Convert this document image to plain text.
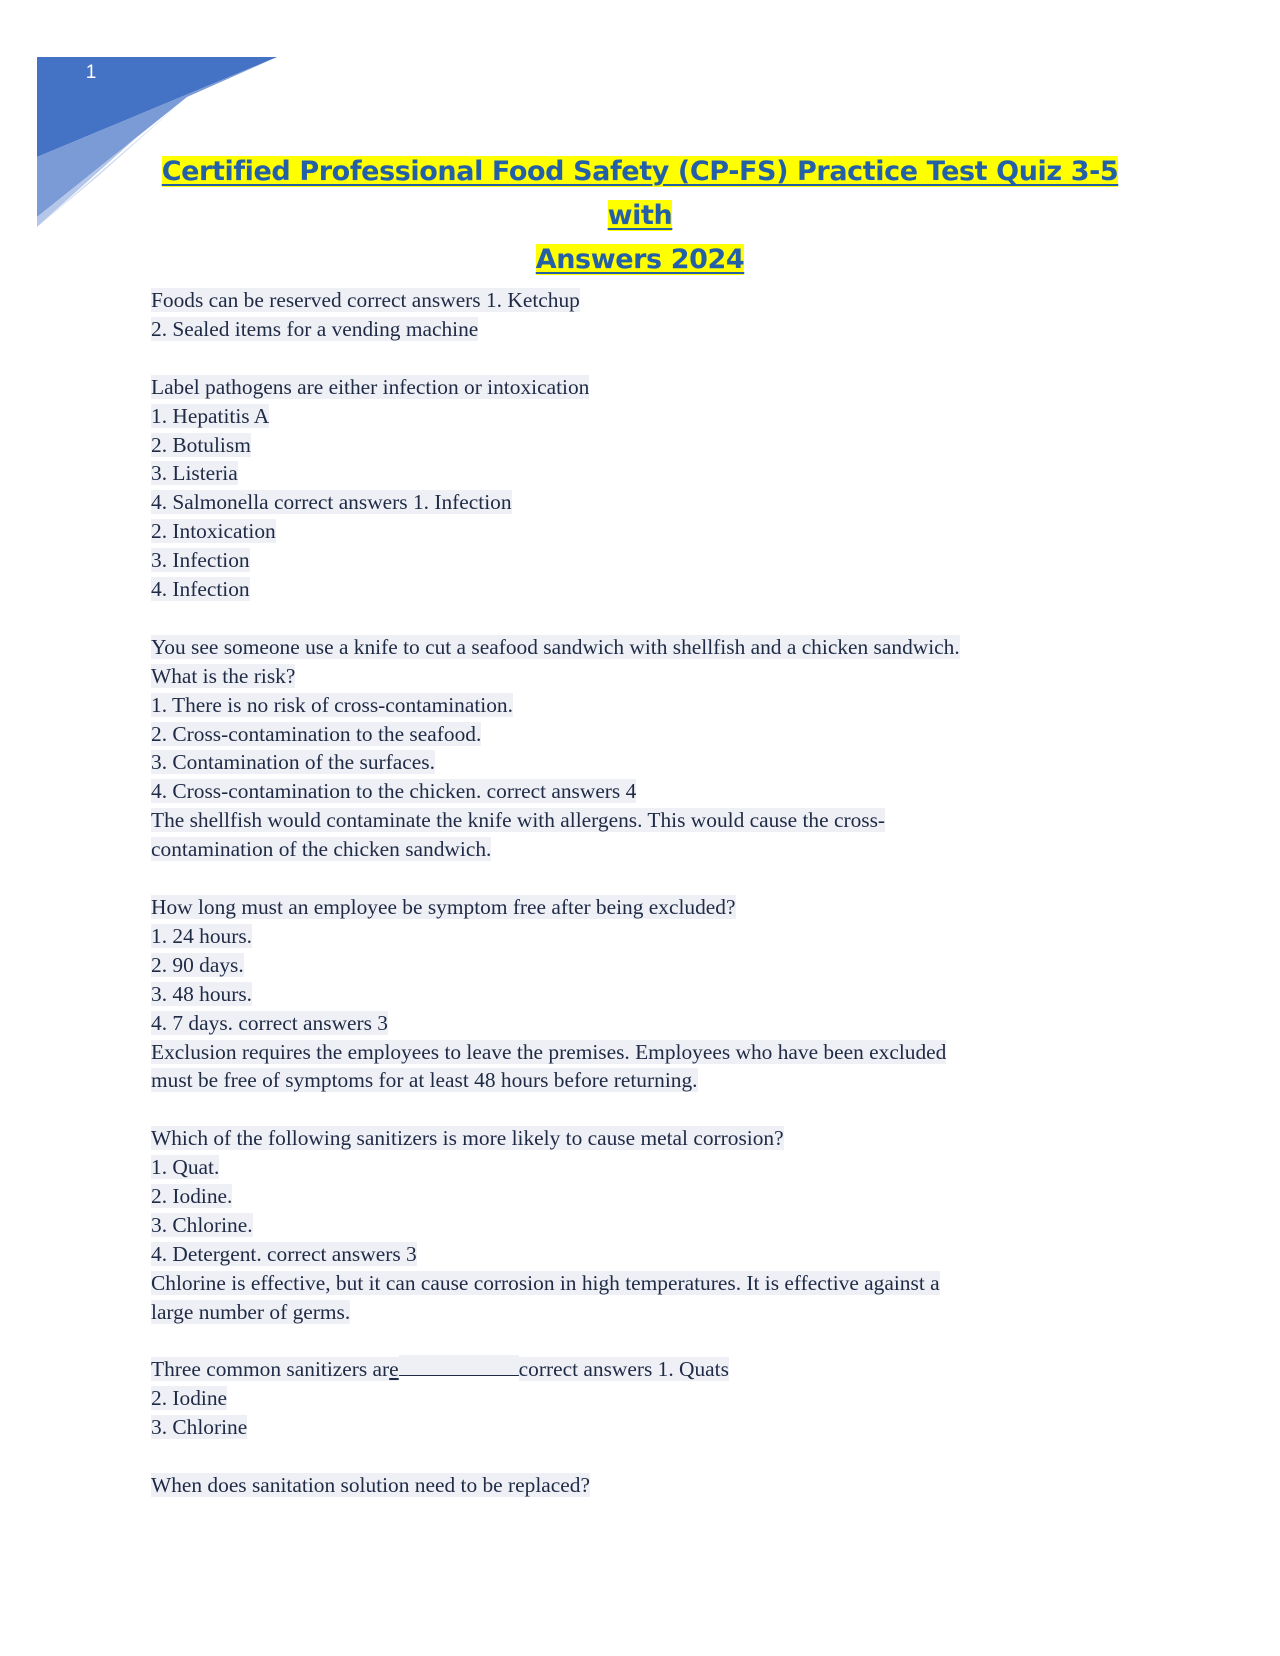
1
Certified Professional Food Safety (CP-FS) Practice Test Quiz 3-5 with
Answers 2024
Foods can be reserved correct answers 1. Ketchup
2. Sealed items for a vending machine
Label pathogens are either infection or intoxication
1. Hepatitis A
2. Botulism
3. Listeria
4. Salmonella correct answers 1. Infection
2. Intoxication
3. Infection
4. Infection
You see someone use a knife to cut a seafood sandwich with shellfish and a chicken sandwich.
What is the risk?
1. There is no risk of cross-contamination.
2. Cross-contamination to the seafood.
3. Contamination of the surfaces.
4. Cross-contamination to the chicken. correct answers 4
The shellfish would contaminate the knife with allergens. This would cause the cross-
contamination of the chicken sandwich.
How long must an employee be symptom free after being excluded?
1. 24 hours.
2. 90 days.
3. 48 hours.
4. 7 days. correct answers 3
Exclusion requires the employees to leave the premises. Employees who have been excluded
must be free of symptoms for at least 48 hours before returning.
Which of the following sanitizers is more likely to cause metal corrosion?
1. Quat.
2. Iodine.
3. Chlorine.
4. Detergent. correct answers 3
Chlorine is effective, but it can cause corrosion in high temperatures. It is effective against a
large number of germs.
Three common sanitizers are	correct answers 1. Quats
2. Iodine
3. Chlorine
When does sanitation solution need to be replaced?
